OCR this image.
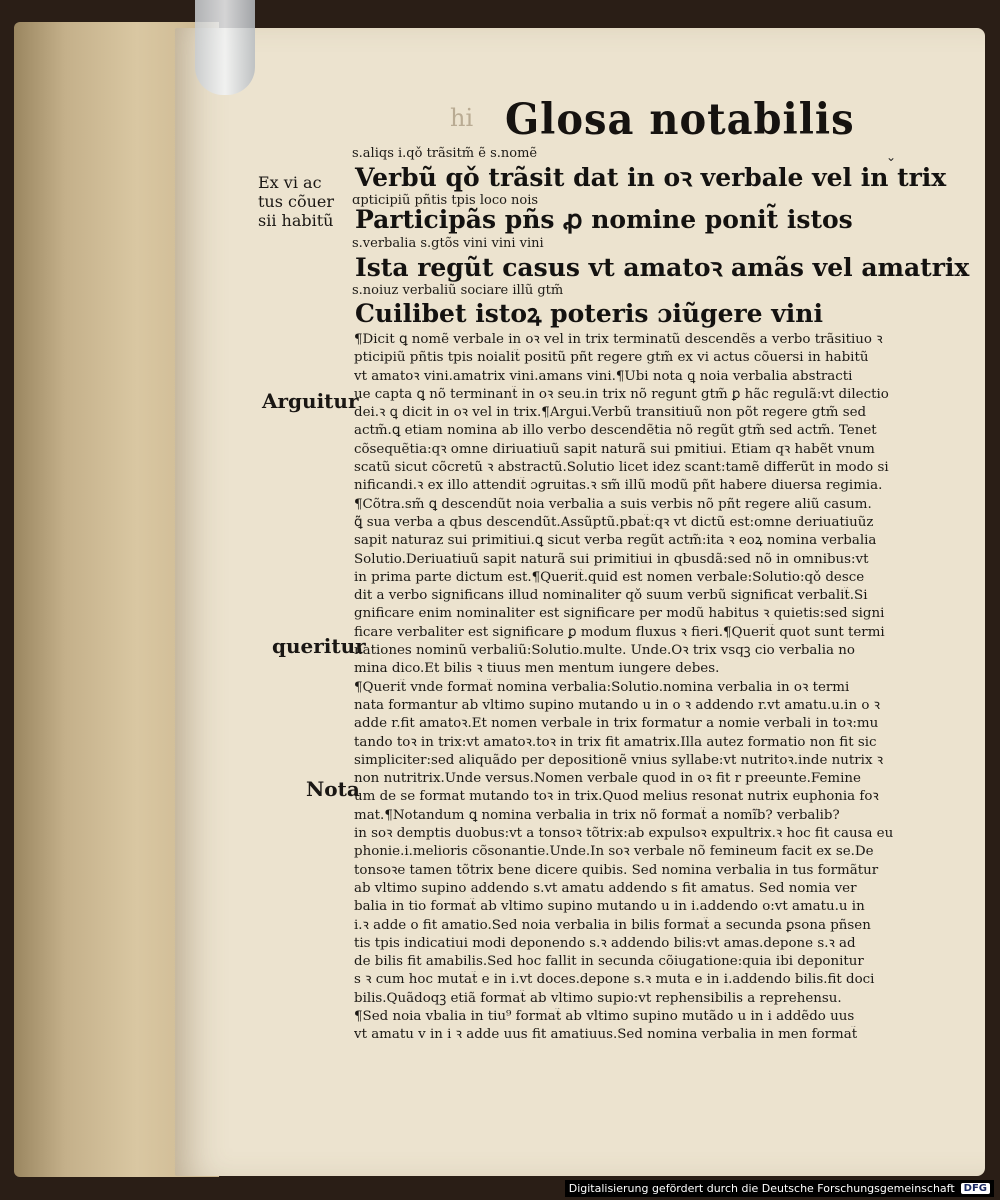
hi Glosa notabilis
⌄
s.aliqs i.qǒ trãsitm̃ ẽ s.nomẽ
ɑpticipiũ pñtis tpis loco nois
s.verbalia s.gtõs vini vini vini
s.noiuz verbaliũ sociare illũ gtm̃
Verbũ qǒ trãsit dat in oꝛ verbale vel in trix
Participãs pñs ꝓ nomine ponit̃ istos
Ista regũt casus vt amatoꝛ amãs vel amatrix
Cuilibet istoꝝ poteris ɔiũgere vini
Ex vi ac
tus cõuer
sii habitũ
Arguitur
queritur
Nota
¶Dicit ꝗ nomẽ verbale in oꝛ vel in trix terminatũ descendẽs a verbo trãsitiuo ꝛ
pticipiũ pñtis tpis noialit̃ positũ pñt regere gtm̃ ex vi actus cõuersi in habitũ
vt amatoꝛ vini.amatrix vini.amans vini.¶Ubi nota ꝗ noia verbalia abstracti
ue capta ꝗ nõ terminant̃ in oꝛ seu.in trix nõ regunt gtm̃ ꝑ hãc regulã:vt dilectio
dei.ꝛ ꝗ dicit in oꝛ vel in trix.¶Argui.Verbũ transitiuũ non põt regere gtm̃ sed
actm̃.ꝗ etiam nomina ab illo verbo descendẽtia nõ regũt gtm̃ sed actm̃. Tenet
cõsequẽtia:qꝛ omne diriuatiuũ sapit naturã sui pmitiui. Etiam qꝛ habẽt vnum
scatũ sicut cõcretũ ꝛ abstractũ.Solutio licet idez scant:tamẽ differũt in modo si
nificandi.ꝛ ex illo attendit̃ ɔgruitas.ꝛ sm̃ illũ modũ pñt habere diuersa regimia.
¶Cõtra.sm̃ ꝗ descendũt noia verbalia a suis verbis nõ pñt regere aliũ casum.
ꝗ̃ sua verba a qbus descendũt.Assũptũ.pbat̃:qꝛ vt dictũ est:omne deriuatiuũz
sapit naturaz sui primitiui.ꝗ sicut verba regũt actm̃:ita ꝛ eoꝝ nomina verbalia
Solutio.Deriuatiuũ sapit naturã sui primitiui in qbusdã:sed nõ in omnibus:vt
in prima parte dictum est.¶Querit̃.quid est nomen verbale:Solutio:qǒ desce
dit a verbo significans illud nominaliter qǒ suum verbũ significat verbalit̃.Si
gnificare enim nominaliter est significare per modũ habitus ꝛ quietis:sed signi
ficare verbaliter est significare ꝑ modum fluxus ꝛ fieri.¶Querit̃ quot sunt termi
nationes nominũ verbaliũ:Solutio.multe. Unde.Oꝛ trix vsqꝫ cio verbalia no
mina dico.Et bilis ꝛ tiuus men mentum iungere debes.
¶Querit̃ vnde format̃ nomina verbalia:Solutio.nomina verbalia in oꝛ termi
nata formantur ab vltimo supino mutando u in o ꝛ addendo r.vt amatu.u.in o ꝛ
adde r.fit amatoꝛ.Et nomen verbale in trix formatur a nomie verbali in toꝛ:mu
tando toꝛ in trix:vt amatoꝛ.toꝛ in trix fit amatrix.Illa autez formatio non fit sic
simpliciter:sed aliquãdo per depositionẽ vnius syllabe:vt nutritoꝛ.inde nutrix ꝛ
non nutritrix.Unde versus.Nomen verbale quod in oꝛ fit r preeunte.Femine
um de se format mutando toꝛ in trix.Quod melius resonat nutrix euphonia foꝛ
mat.¶Notandum ꝗ nomina verbalia in trix nõ format̃ a nomĩb? verbalib?
in soꝛ demptis duobus:vt a tonsoꝛ tõtrix:ab expulsoꝛ expultrix.ꝛ hoc fit causa eu
phonie.i.melioris cõsonantie.Unde.In soꝛ verbale nõ femineum facit ex se.De
tonsoꝛe tamen tõtrix bene dicere quibis. Sed nomina verbalia in tus formãtur
ab vltimo supino addendo s.vt amatu addendo s fit amatus. Sed nomia ver
balia in tio format̃ ab vltimo supino mutando u in i.addendo o:vt amatu.u in
i.ꝛ adde o fit amatio.Sed noia verbalia in bilis format̃ a secunda ꝑsona pñsen
tis tpis indicatiui modi deponendo s.ꝛ addendo bilis:vt amas.depone s.ꝛ ad
de bilis fit amabilis.Sed hoc fallit in secunda cõiugatione:quia ibi deponitur
s ꝛ cum hoc mutat̃ e in i.vt doces.depone s.ꝛ muta e in i.addendo bilis.fit doci
bilis.Quãdoqꝫ etiã format̃ ab vltimo supio:vt rephensibilis a reprehensu.
¶Sed noia vbalia in tiu⁹ format̃ ab vltimo supino mutãdo u in i addẽdo uus
vt amatu v in i ꝛ adde uus fit amatiuus.Sed nomina verbalia in men format̃
Digitalisierung gefördert durch die Deutsche Forschungsgemeinschaft DFG
